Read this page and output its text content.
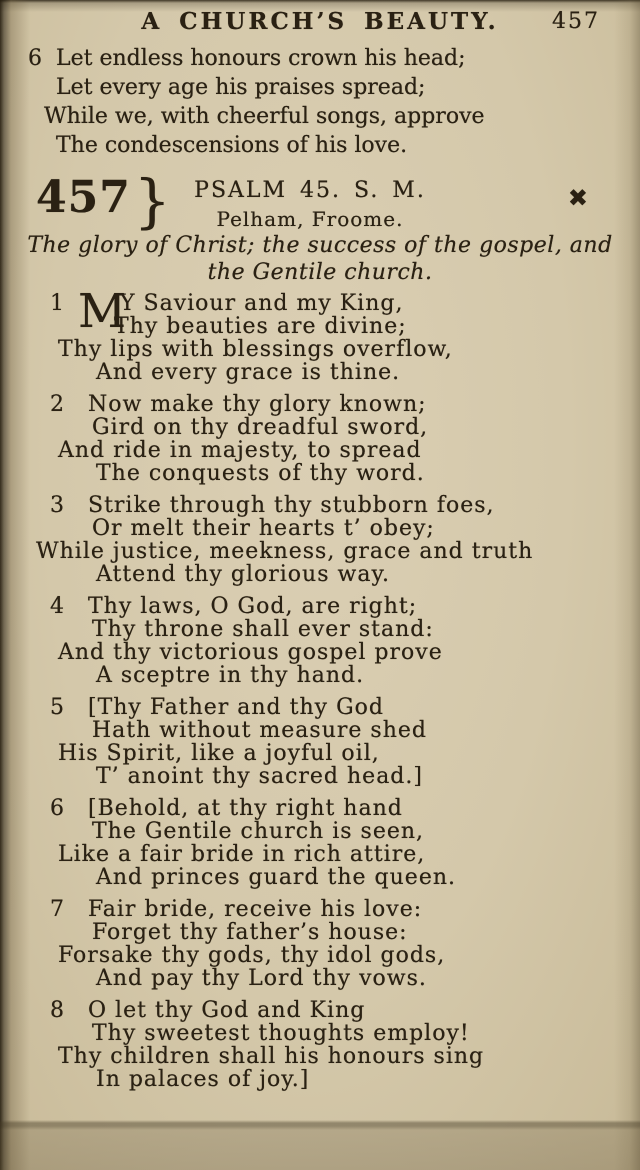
A CHURCH’S BEAUTY. 457
6 Let endless honours crown his head;
Let every age his praises spread;
While we, with cheerful songs, approve
The condescensions of his love.
457 }	PSALM 45. S. M.
Pelham, Froome.
✖
The glory of Christ; the success of the gospel, and
the Gentile church.
1 M
Y Saviour and my King,
Thy beauties are divine;
Thy lips with blessings overflow,
And every grace is thine.
2 Now make thy glory known;
Gird on thy dreadful sword,
And ride in majesty, to spread
The conquests of thy word.
3 Strike through thy stubborn foes,
Or melt their hearts t’ obey;
While justice, meekness, grace and truth
Attend thy glorious way.
4 Thy laws, O God, are right;
Thy throne shall ever stand:
And thy victorious gospel prove
A sceptre in thy hand.
5 [Thy Father and thy God
Hath without measure shed
His Spirit, like a joyful oil,
T’ anoint thy sacred head.]
6 [Behold, at thy right hand
The Gentile church is seen,
Like a fair bride in rich attire,
And princes guard the queen.
7 Fair bride, receive his love:
Forget thy father’s house:
Forsake thy gods, thy idol gods,
And pay thy Lord thy vows.
8 O let thy God and King
Thy sweetest thoughts employ!
Thy children shall his honours sing
In palaces of joy.]
